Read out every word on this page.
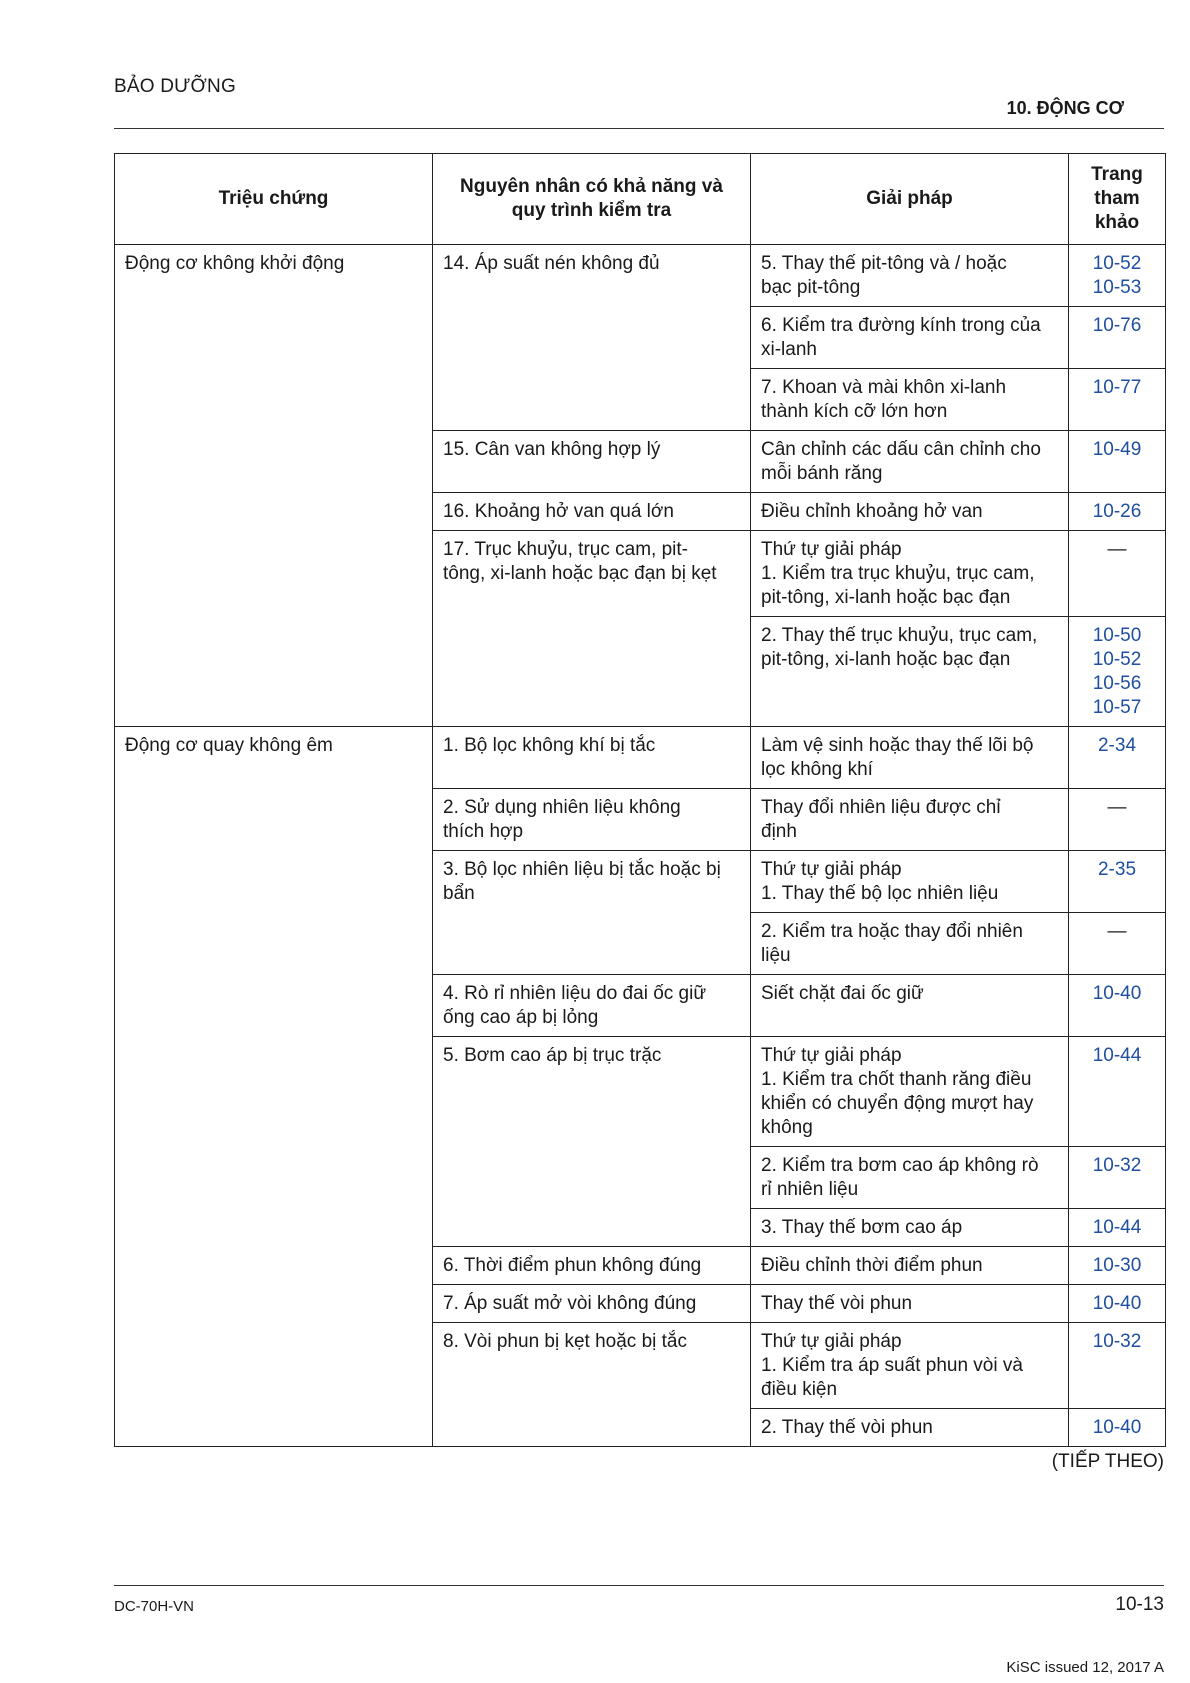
BẢO DƯỠNG
10. ĐỘNG CƠ
Triệu chứng	Nguyên nhân có khả năng và
quy trình kiểm tra	Giải pháp	Trang
tham
khảo

Động cơ không khởi động	14. Áp suất nén không đủ	5. Thay thế pit-tông và / hoặc
bạc pit-tông	10-52
10-53

		6. Kiểm tra đường kính trong của
xi-lanh	10-76

		7. Khoan và mài khôn xi-lanh
thành kích cỡ lớn hơn	10-77

	15. Cân van không hợp lý	Cân chỉnh các dấu cân chỉnh cho
mỗi bánh răng	10-49

	16. Khoảng hở van quá lớn	Điều chỉnh khoảng hở van	10-26

	17. Trục khuỷu, trục cam, pit-
tông, xi-lanh hoặc bạc đạn bị kẹt	Thứ tự giải pháp
1. Kiểm tra trục khuỷu, trục cam,
pit-tông, xi-lanh hoặc bạc đạn	—

		2. Thay thế trục khuỷu, trục cam,
pit-tông, xi-lanh hoặc bạc đạn	10-50
10-52
10-56
10-57

Động cơ quay không êm	1. Bộ lọc không khí bị tắc	Làm vệ sinh hoặc thay thế lõi bộ
lọc không khí	2-34

	2. Sử dụng nhiên liệu không
thích hợp	Thay đổi nhiên liệu được chỉ
định	—

	3. Bộ lọc nhiên liệu bị tắc hoặc bị
bẩn	Thứ tự giải pháp
1. Thay thế bộ lọc nhiên liệu	2-35

		2. Kiểm tra hoặc thay đổi nhiên
liệu	—

	4. Rò rỉ nhiên liệu do đai ốc giữ
ống cao áp bị lỏng	Siết chặt đai ốc giữ	10-40

	5. Bơm cao áp bị trục trặc	Thứ tự giải pháp
1. Kiểm tra chốt thanh răng điều
khiển có chuyển động mượt hay
không	10-44

		2. Kiểm tra bơm cao áp không rò
rỉ nhiên liệu	10-32

		3. Thay thế bơm cao áp	10-44

	6. Thời điểm phun không đúng	Điều chỉnh thời điểm phun	10-30

	7. Áp suất mở vòi không đúng	Thay thế vòi phun	10-40

	8. Vòi phun bị kẹt hoặc bị tắc	Thứ tự giải pháp
1. Kiểm tra áp suất phun vòi và
điều kiện	10-32

		2. Thay thế vòi phun	10-40
(TIẾP THEO)
DC-70H-VN	10-13
KiSC issued 12, 2017 A
